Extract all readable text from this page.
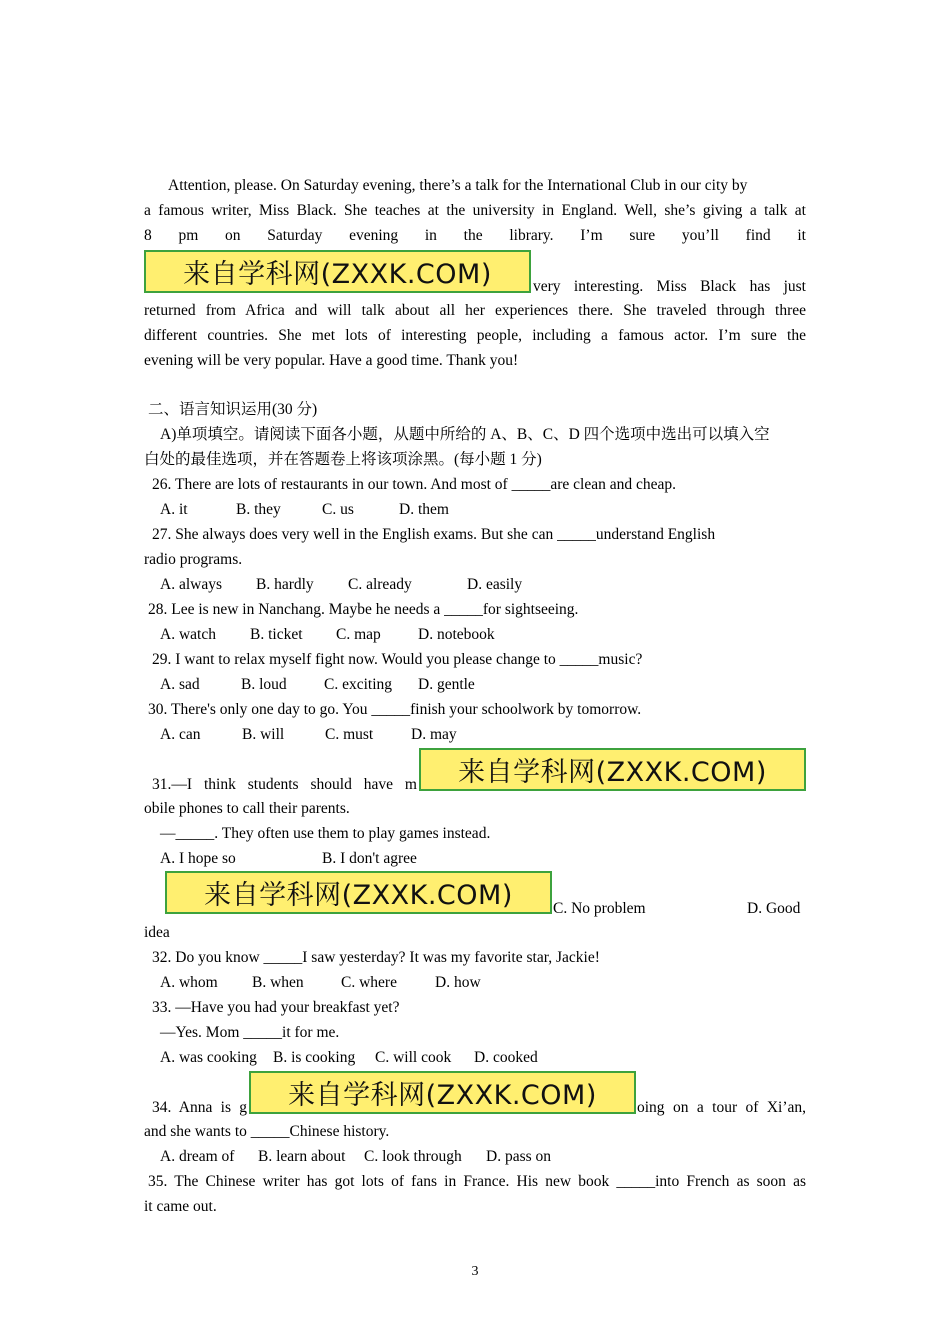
Attention, please. On Saturday evening, there’s a talk for the International Club in our city by
a famous writer, Miss Black. She teaches at the university in England. Well, she’s giving a talk at
8 pm on Saturday evening in the library. I’m sure you’ll find it
来自学科网(ZXXK.COM)	very interesting. Miss Black has just
returned from Africa and will talk about all her experiences there. She traveled through three
different countries. She met lots of interesting people, including a famous actor. I’m sure the
evening will be very popular. Have a good time. Thank you!
二、语言知识运用(30 分)
A)单项填空。请阅读下面各小题，从题中所给的 A、B、C、D 四个选项中选出可以填入空
白处的最佳选项，并在答题卷上将该项涂黑。(每小题 1 分)
26. There are lots of restaurants in our town. And most of _____are clean and cheap.
A. it	B. they	C. us	D. them
27. She always does very well in the English exams. But she can _____understand English
radio programs.
A. always B. hardly C. already	D. easily
28. Lee is new in Nanchang. Maybe he needs a _____for sightseeing.
A. watch B. ticket C. map D. notebook
29. I want to relax myself fight now. Would you please change to _____music?
A. sad	B. loud C. exciting D. gentle
30. There's only one day to go. You _____finish your schoolwork by tomorrow.
A. can	B. will	C. must D. may
31.—I think students should have m	来自学科网(ZXXK.COM)
obile phones to call their parents.
—_____. They often use them to play games instead.
A. I hope so	B. I don't agree
来自学科网(ZXXK.COM)	C. No problem	D. Good
idea
32. Do you know _____I saw yesterday? It was my favorite star, Jackie!
A. whom B. when C. where D. how
33. —Have you had your breakfast yet?
—Yes. Mom _____it for me.
A. was cooking B. is cooking C. will cook D. cooked
34. Anna is g	来自学科网(ZXXK.COM)	oing on a tour of Xi’an,
and she wants to _____Chinese history.
A. dream of B. learn about C. look through D. pass on
35. The Chinese writer has got lots of fans in France. His new book _____into French as soon as
it came out.
3
